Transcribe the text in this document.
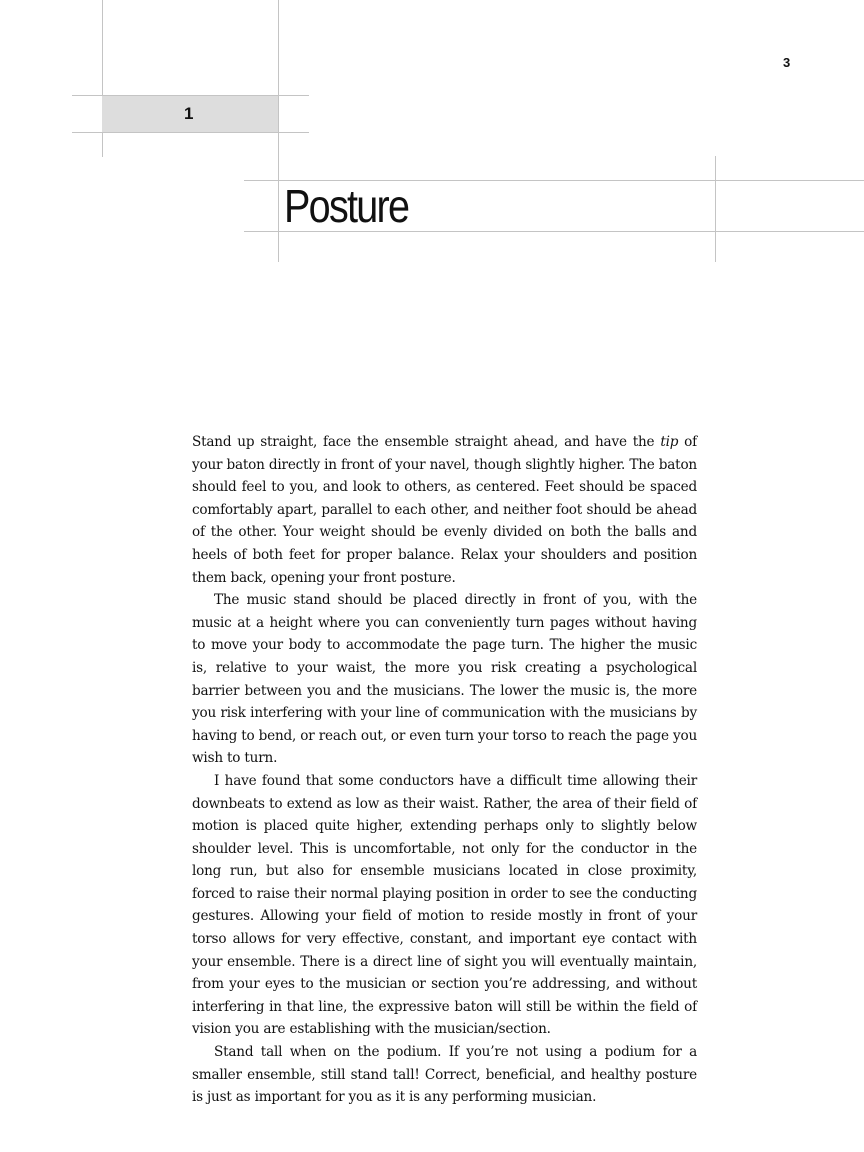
1
3
Posture

Stand up straight, face the ensemble straight ahead, and have the tip of your baton directly in front of your navel, though slightly higher. The baton should feel to you, and look to others, as centered. Feet should be spaced comfortably apart, parallel to each other, and neither foot should be ahead of the other. Your weight should be evenly divided on both the balls and heels of both feet for proper balance. Relax your shoulders and position them back, opening your front posture.

The music stand should be placed directly in front of you, with the music at a height where you can conveniently turn pages without having to move your body to accommodate the page turn. The higher the music is, relative to your waist, the more you risk creating a psychological barrier between you and the musicians. The lower the music is, the more you risk interfering with your line of communication with the musicians by having to bend, or reach out, or even turn your torso to reach the page you wish to turn.

I have found that some conductors have a difficult time allowing their downbeats to extend as low as their waist. Rather, the area of their field of motion is placed quite higher, extending perhaps only to slightly below shoulder level. This is uncomfortable, not only for the conductor in the long run, but also for ensemble musicians located in close proximity, forced to raise their normal playing position in order to see the conducting gestures. Allowing your field of motion to reside mostly in front of your torso allows for very effective, constant, and important eye contact with your ensemble. There is a direct line of sight you will eventually maintain, from your eyes to the musician or section you’re addressing, and without interfering in that line, the expressive baton will still be within the field of vision you are establishing with the musician/section.

Stand tall when on the podium. If you’re not using a podium for a smaller ensemble, still stand tall! Correct, beneficial, and healthy posture is just as important for you as it is any performing musician.
